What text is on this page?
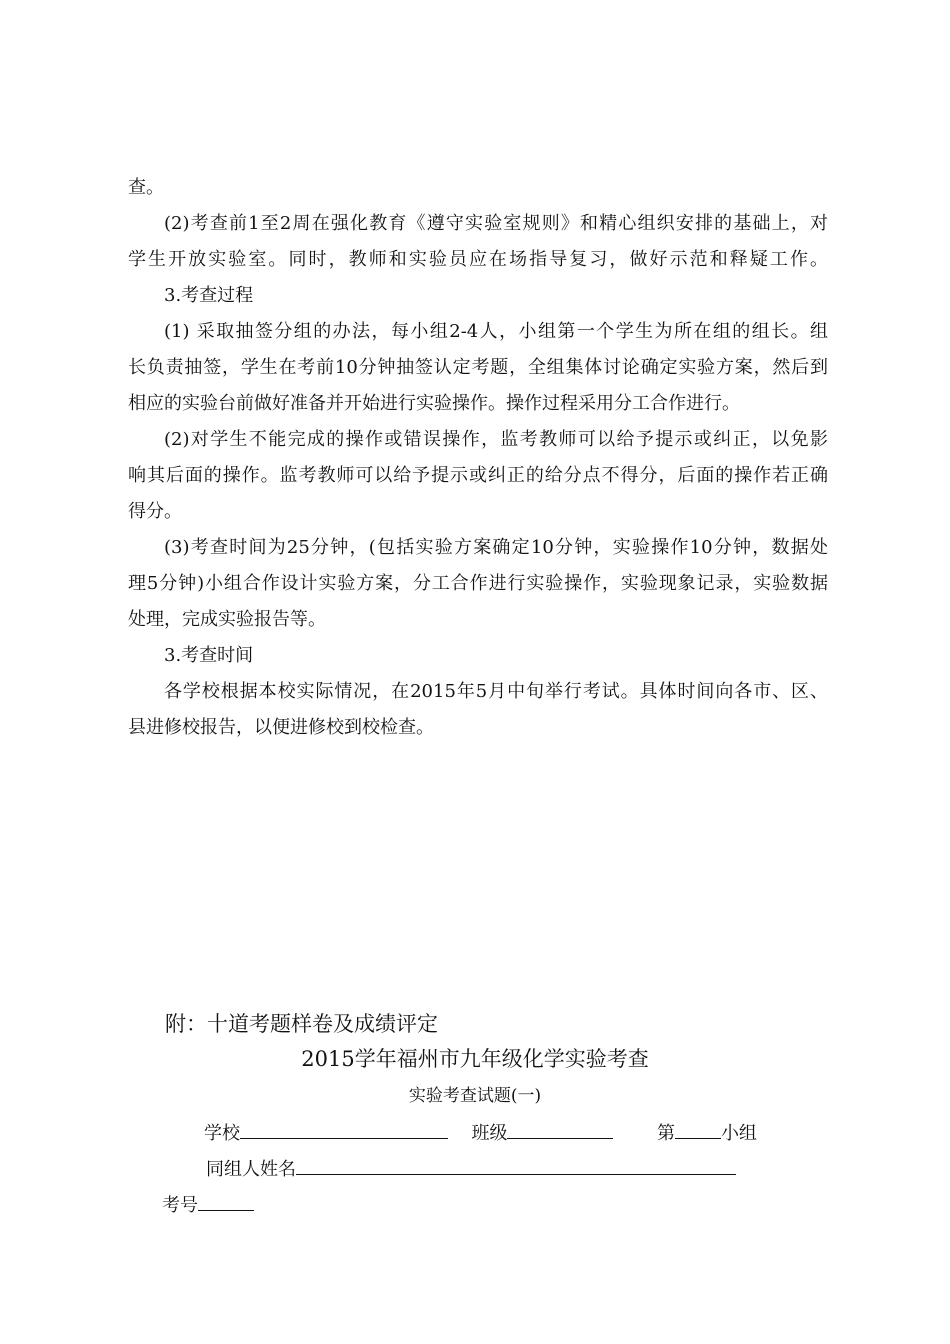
查。
(2)考查前1至2周在强化教育《遵守实验室规则》和精心组织安排的基础上，对
学生开放实验室。同时，教师和实验员应在场指导复习，做好示范和释疑工作。
3.考查过程
(1) 采取抽签分组的办法，每小组2-4人，小组第一个学生为所在组的组长。组
长负责抽签，学生在考前10分钟抽签认定考题，全组集体讨论确定实验方案，然后到
相应的实验台前做好准备并开始进行实验操作。操作过程采用分工合作进行。
(2)对学生不能完成的操作或错误操作，监考教师可以给予提示或纠正，以免影
响其后面的操作。监考教师可以给予提示或纠正的给分点不得分，后面的操作若正确
得分。
(3)考查时间为25分钟，(包括实验方案确定10分钟，实验操作10分钟，数据处
理5分钟)小组合作设计实验方案，分工合作进行实验操作，实验现象记录，实验数据
处理，完成实验报告等。
3.考查时间
各学校根据本校实际情况，在2015年5月中旬举行考试。具体时间向各市、区、
县进修校报告，以便进修校到校检查。
附：十道考题样卷及成绩评定
2015学年福州市九年级化学实验考查
实验考查试题(一)
学校	班级	第	小组
同组人姓名
考号
